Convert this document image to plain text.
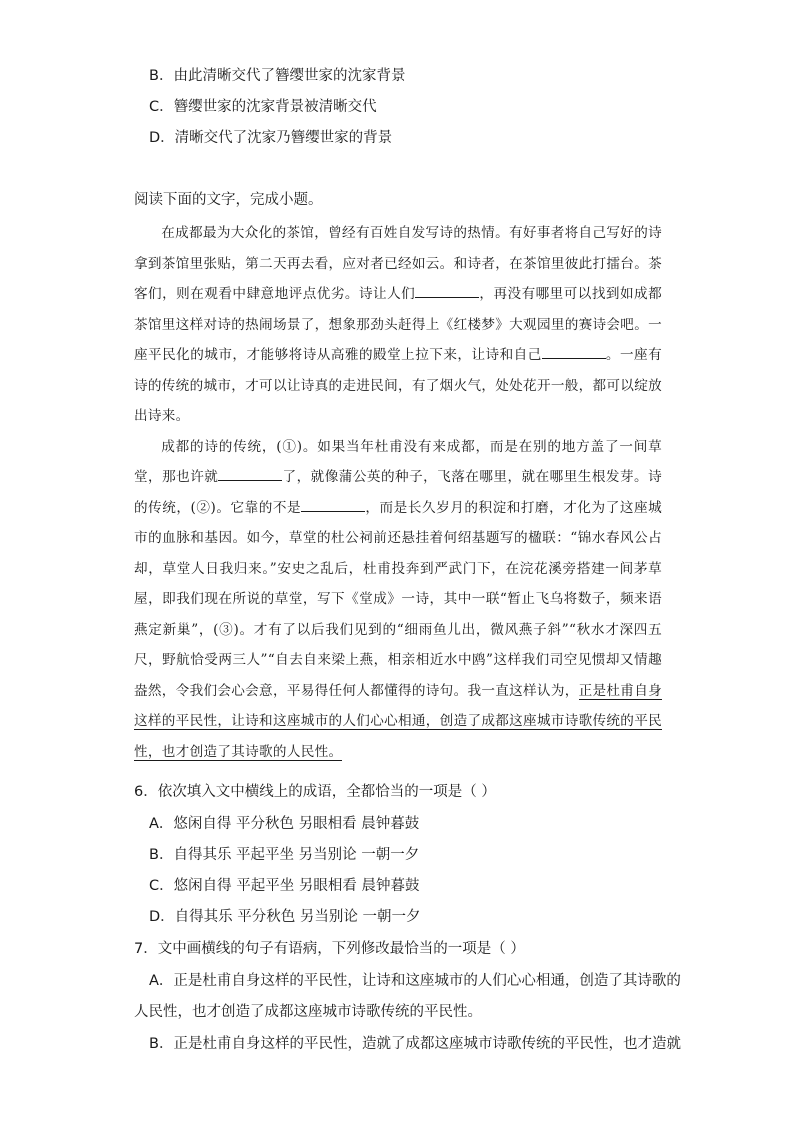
B．由此清晰交代了簪缨世家的沈家背景
C．簪缨世家的沈家背景被清晰交代
D．清晰交代了沈家乃簪缨世家的背景
阅读下面的文字，完成小题。

在成都最为大众化的茶馆，曾经有百姓自发写诗的热情。有好事者将自己写好的诗拿到茶馆里张贴，第二天再去看，应对者已经如云。和诗者，在茶馆里彼此打擂台。茶客们，则在观看中肆意地评点优劣。诗让人们	，再没有哪里可以找到如成都茶馆里这样对诗的热闹场景了，想象那劲头赶得上《红楼梦》大观园里的赛诗会吧。一座平民化的城市，才能够将诗从高雅的殿堂上拉下来，让诗和自己	。一座有诗的传统的城市，才可以让诗真的走进民间，有了烟火气，处处花开一般，都可以绽放出诗来。

成都的诗的传统，(①)。如果当年杜甫没有来成都，而是在别的地方盖了一间草堂，那也许就	了，就像蒲公英的种子，飞落在哪里，就在哪里生根发芽。诗的传统，(②)。它靠的不是	，而是长久岁月的积淀和打磨，才化为了这座城市的血脉和基因。如今，草堂的杜公祠前还悬挂着何绍基题写的楹联：“锦水春风公占却，草堂人日我归来。”安史之乱后，杜甫投奔到严武门下，在浣花溪旁搭建一间茅草屋，即我们现在所说的草堂，写下《堂成》一诗，其中一联“暂止飞乌将数子，频来语燕定新巢”，(③)。才有了以后我们见到的“细雨鱼儿出，微风燕子斜”“秋水才深四五尺，野航恰受两三人”“自去自来梁上燕，相亲相近水中鸥”这样我们司空见惯却又情趣盎然，令我们会心会意，平易得任何人都懂得的诗句。我一直这样认为，正是杜甫自身这样的平民性，让诗和这座城市的人们心心相通，创造了成都这座城市诗歌传统的平民性，也才创造了其诗歌的人民性。

6．依次填入文中横线上的成语，全都恰当的一项是（ ）
A．悠闲自得 平分秋色 另眼相看 晨钟暮鼓
B．自得其乐 平起平坐 另当别论 一朝一夕
C．悠闲自得 平起平坐 另眼相看 晨钟暮鼓
D．自得其乐 平分秋色 另当别论 一朝一夕
7．文中画横线的句子有语病，下列修改最恰当的一项是（ ）
A．正是杜甫自身这样的平民性，让诗和这座城市的人们心心相通，创造了其诗歌的
人民性，也才创造了成都这座城市诗歌传统的平民性。
B．正是杜甫自身这样的平民性，造就了成都这座城市诗歌传统的平民性，也才造就
